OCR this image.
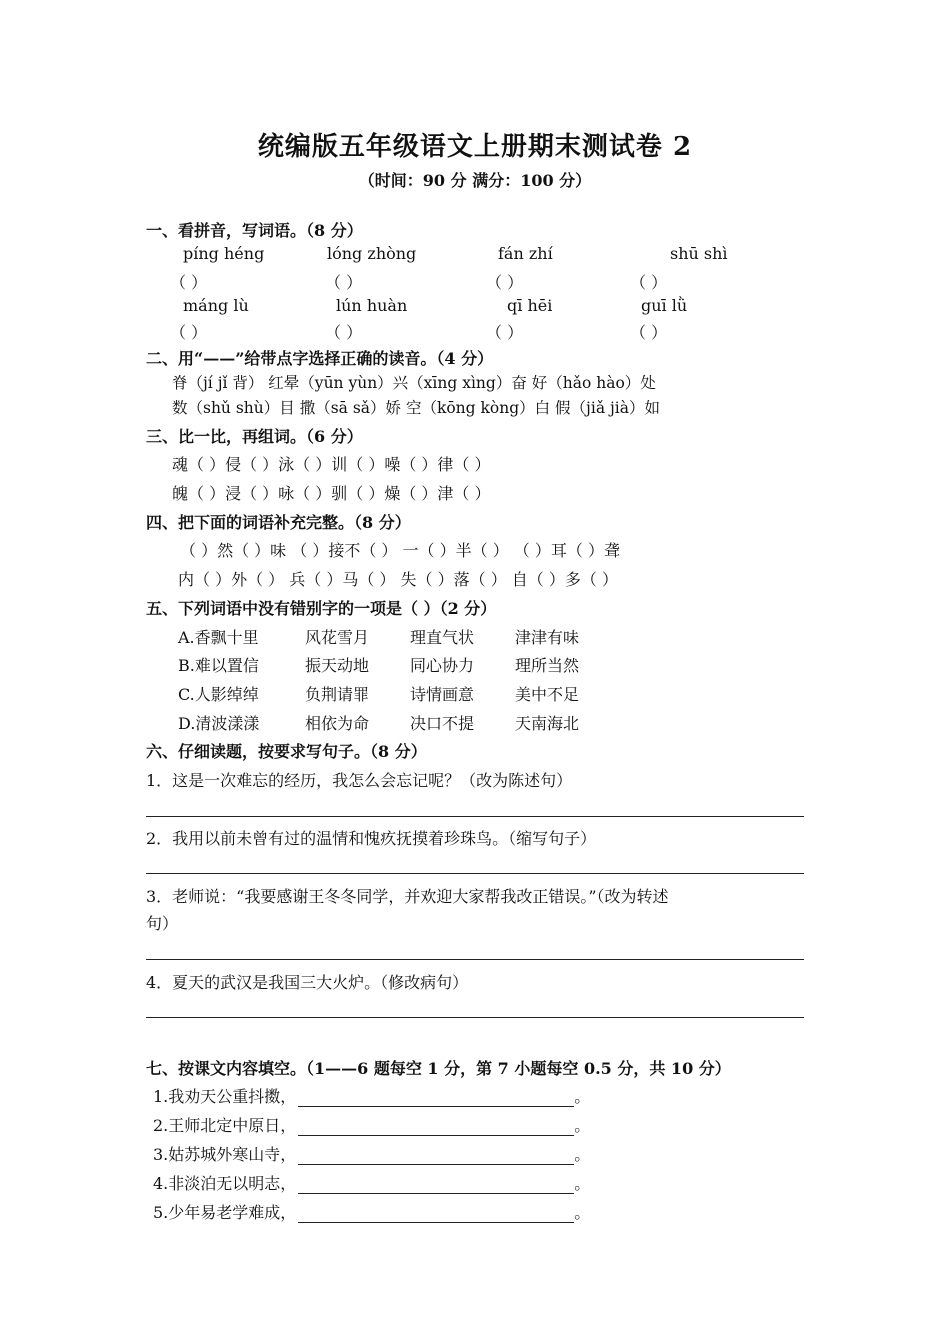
统编版五年级语文上册期末测试卷 2
（时间：90 分 满分：100 分）
一、看拼音，写词语。（8 分）
píng héng	lóng zhòng	fán zhí	shū shì
（ ）	（ ）	（ ）	（ ）
máng lù	lún huàn	qī hēi	guī lǜ
（ ）	（ ）	（ ）	（ ）
二、用“——”给带点字选择正确的读音。（4 分）
脊（jí jǐ 背） 红晕（yūn yùn）兴（xīng xìng）奋 好（hǎo hào）处
数（shǔ shù）目 撒（sā sǎ）娇 空（kōng kòng）白 假（jiǎ jià）如
三、比一比，再组词。（6 分）
魂（ ）侵（ ）泳（ ）训（ ）噪（ ）律（ ）
魄（ ）浸（ ）咏（ ）驯（ ）燥（ ）津（ ）
四、把下面的词语补充完整。（8 分）
（ ）然（ ）味 （ ）接不（ ） 一（ ）半（ ） （ ）耳（ ）聋
内（ ）外（ ） 兵（ ）马（ ） 失（ ）落（ ） 自（ ）多（ ）
五、下列词语中没有错别字的一项是（ ）（2 分）
A.香飘十里	风花雪月	理直气状	津津有味
B.难以置信	振天动地	同心协力	理所当然
C.人影绰绰	负荆请罪	诗情画意	美中不足
D.清波漾漾	相依为命	决口不提	天南海北
六、仔细读题，按要求写句子。（8 分）
1．这是一次难忘的经历，我怎么会忘记呢？（改为陈述句）
2．我用以前未曾有过的温情和愧疚抚摸着珍珠鸟。（缩写句子）
3．老师说：“我要感谢王冬冬同学，并欢迎大家帮我改正错误。”（改为转述
句）
4．夏天的武汉是我国三大火炉。（修改病句）
七、按课文内容填空。（1——6 题每空 1 分，第 7 小题每空 0.5 分，共 10 分）
1.我劝天公重抖擞，	。
2.王师北定中原日，	。
3.姑苏城外寒山寺，	。
4.非淡泊无以明志，	。
5.少年易老学难成，	。
